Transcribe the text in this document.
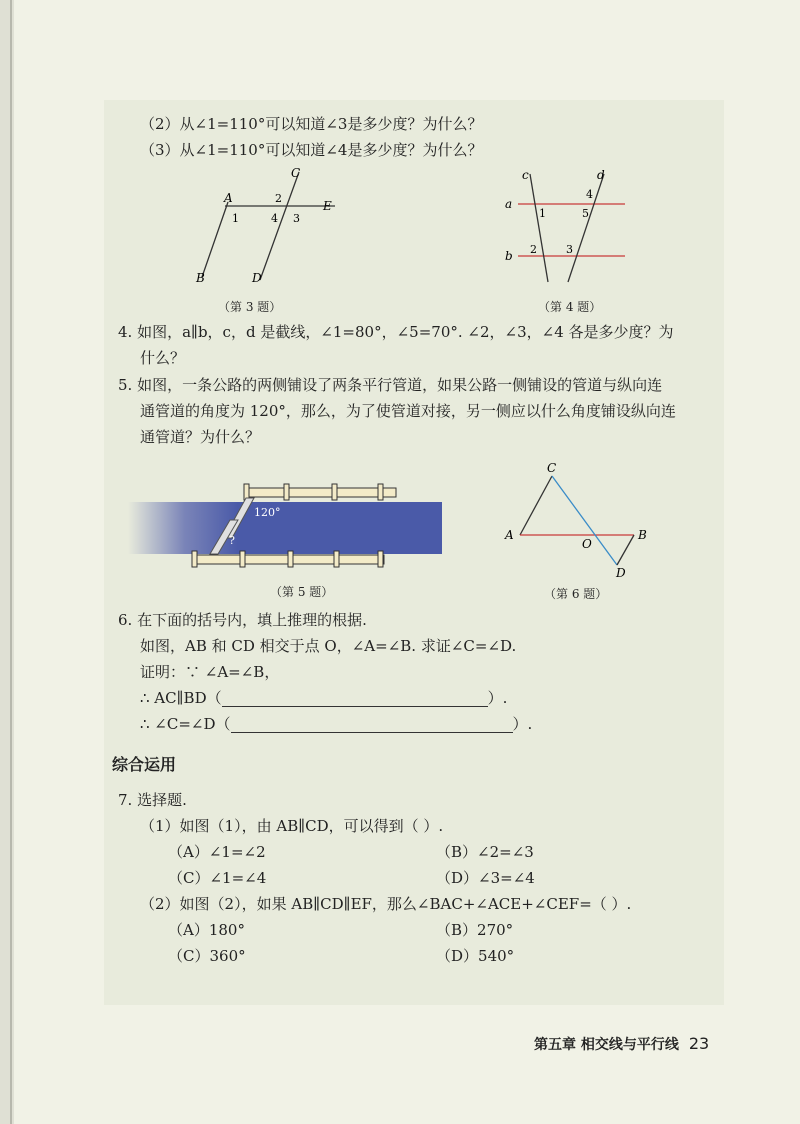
（2）从∠1=110°可以知道∠3是多少度？为什么？
（3）从∠1=110°可以知道∠4是多少度？为什么？
A
C
E
B	D
1
2
4 3
（第 3 题）
c	d
a
b
1
2	3
4
5
（第 4 题）
4. 如图，a∥b，c，d 是截线，∠1=80°，∠5=70°. ∠2，∠3，∠4 各是多少度？为
什么？
5. 如图，一条公路的两侧铺设了两条平行管道，如果公路一侧铺设的管道与纵向连
通管道的角度为 120°，那么，为了使管道对接，另一侧应以什么角度铺设纵向连
通管道？为什么？
120°
?
（第 5 题）
C
A	B
O
D
（第 6 题）
6. 在下面的括号内，填上推理的根据.
如图，AB 和 CD 相交于点 O，∠A=∠B. 求证∠C=∠D.
证明：∵ ∠A=∠B，
∴ AC∥BD（	）.
∴ ∠C=∠D（	）.
综合运用
7. 选择题.
（1）如图（1），由 AB∥CD，可以得到（ ）.
（A）∠1=∠2	（B）∠2=∠3
（C）∠1=∠4	（D）∠3=∠4
（2）如图（2），如果 AB∥CD∥EF，那么∠BAC+∠ACE+∠CEF=（ ）.
（A）180°	（B）270°
（C）360°	（D）540°
第五章 相交线与平行线 23
